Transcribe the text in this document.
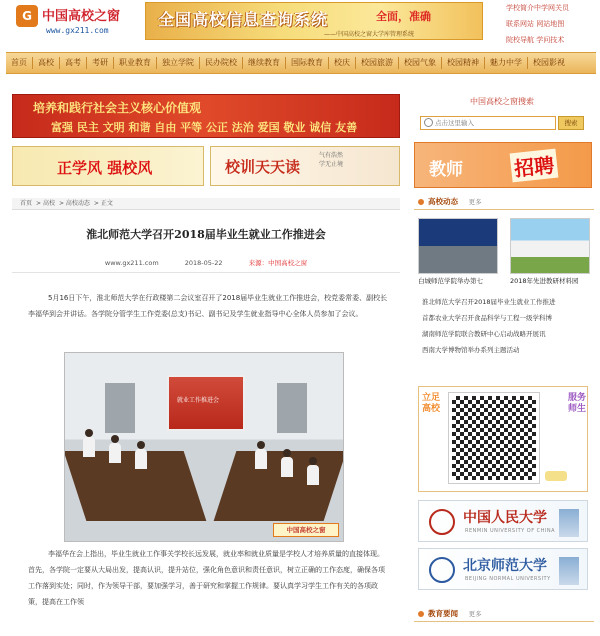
G 中国高校之窗
www.gx211.com
全国高校信息查询系统	全面，准确
——中国高校之窗大学库管理系统
学校简介中学网关员
联系网站 网站地图
院校导航 学问技术
首页	高校	高考	考研	职业教育	独立学院	民办院校	继续教育	国际教育	校庆	校园旅游	校园气象	校园精神	魅力中学	校园影视
培养和践行社会主义核心价值观
富强 民主 文明 和谐 自由 平等 公正 法治 爱国 敬业 诚信 友善
正学风 强校风	校训天天读
气有浩然
学无止境
首页 > 高校 > 高校动态 > 正文
淮北师范大学召开2018届毕业生就业工作推进会
www.gx211.com	2018-05-22	来源：中国高校之窗

5月16日下午，淮北师范大学在行政楼第二会议室召开了2018届毕业生就业工作推进会，校党委常委、副校长李福华到会并讲话。各学院分管学生工作党委(总支)书记、副书记及学生就业指导中心全体人员参加了会议。

就业工作推进会
中国高校之窗

李福华在会上指出，毕业生就业工作事关学校长远发展，就业率和就业质量是学校人才培养质量的直接体现。首先，各学院一定要从大局出发，提高认识，提升站位，强化角色意识和责任意识，树立正确的工作态度，确保各项工作落到实处；同时，作为领导干部，要加强学习，善于研究和掌握工作规律。要认真学习学生工作有关的各项政策，提高在工作领

中国高校之窗搜索
点击这里输入
搜索
教师	招聘
高校动态 更多
白城师范学院举办第七	2018年先进教研材料园
淮北师范大学召开2018届毕业生就业工作推进
首都农业大学召开食品科学与工程一级学科博
湖南师范学院联合教研中心启动战略开展讯
西南大学博物馆举办系列主题活动
立足高校
服务师生
中国人民大学
RENMIN UNIVERSITY OF CHINA
北京师范大学
BEIJING NORMAL UNIVERSITY
教育要闻 更多
